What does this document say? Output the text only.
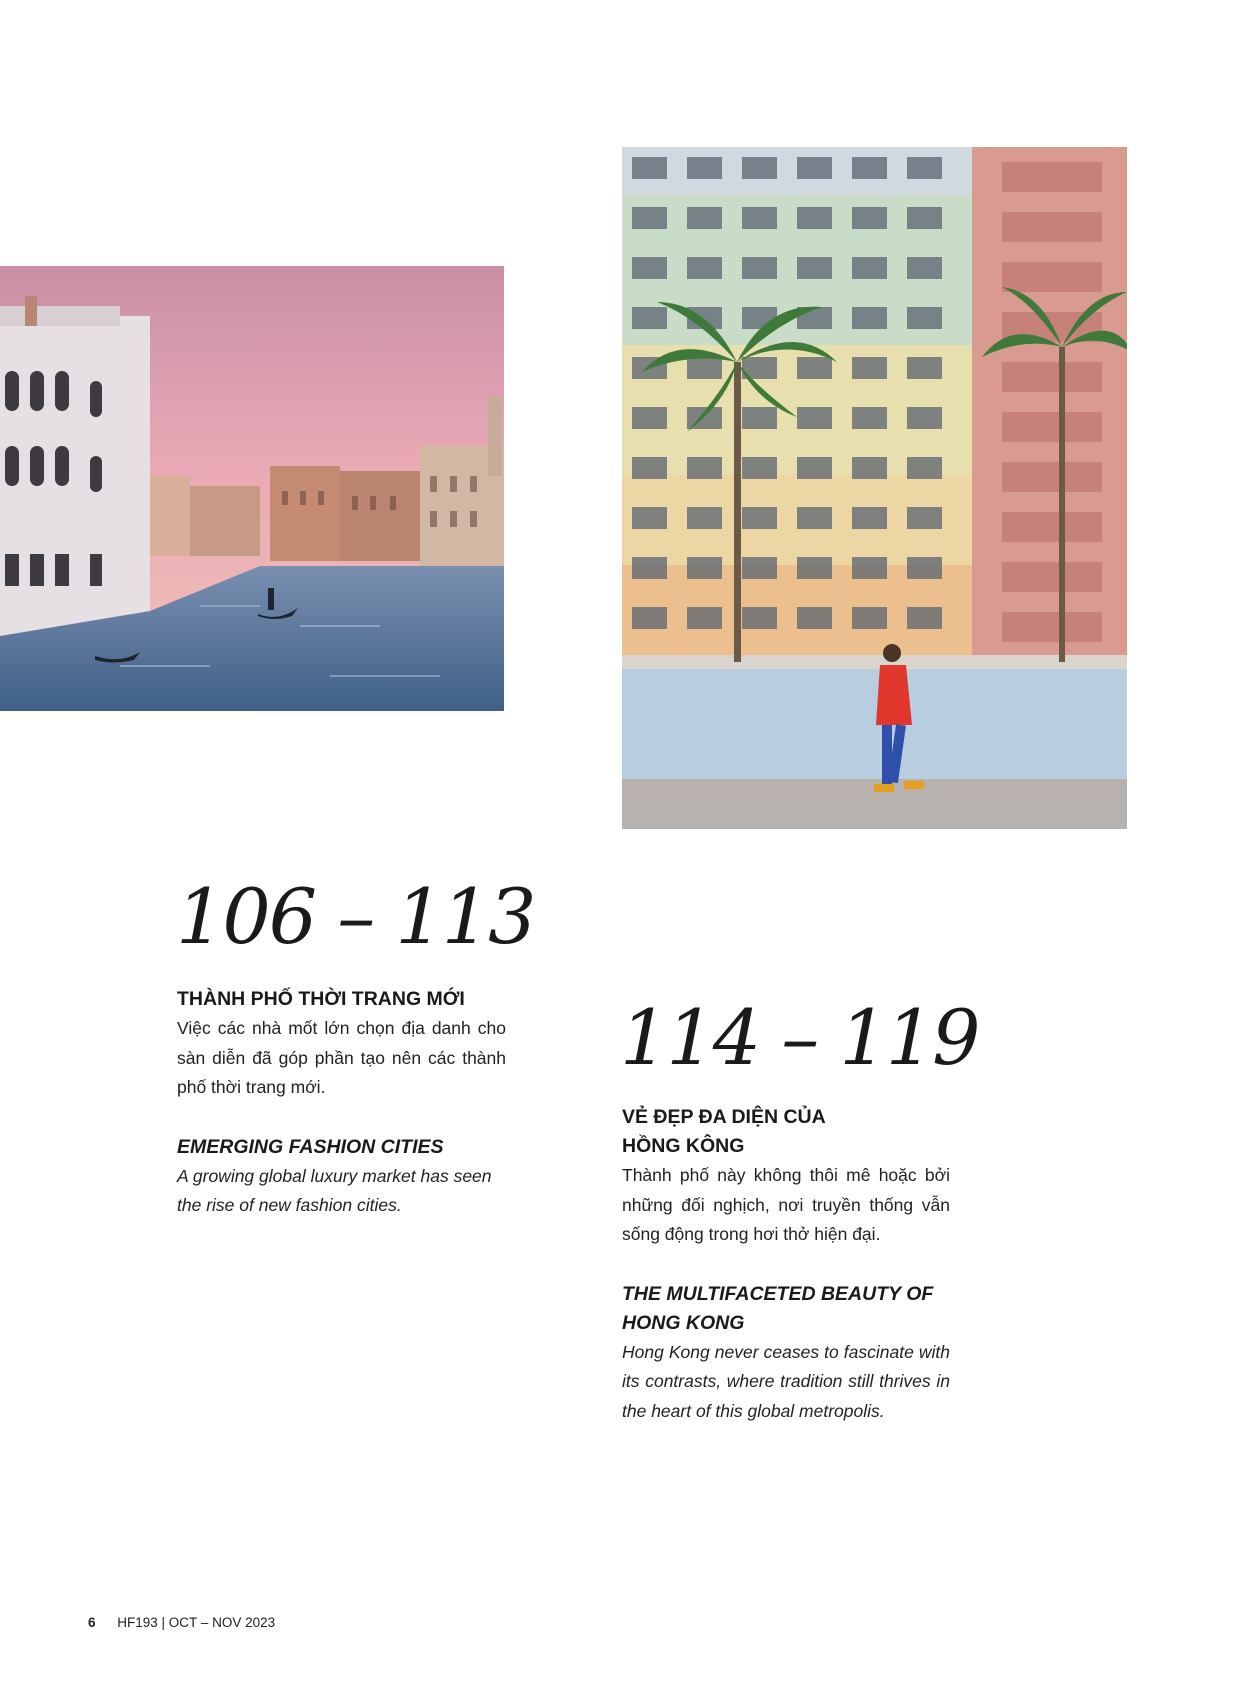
106 – 113

THÀNH PHỐ THỜI TRANG MỚI

Việc các nhà mốt lớn chọn địa danh cho sàn diễn đã góp phần tạo nên các thành phố thời trang mới.

EMERGING FASHION CITIES

A growing global luxury market has seen the rise of new fashion cities.

114 – 119

VẺ ĐẸP ĐA DIỆN CỦA
HỒNG KÔNG

Thành phố này không thôi mê hoặc bởi những đối nghịch, nơi truyền thống vẫn sống động trong hơi thở hiện đại.

THE MULTIFACETED BEAUTY OF
HONG KONG

Hong Kong never ceases to fascinate with its contrasts, where tradition still thrives in the heart of this global metropolis.

6 HF193 | OCT – NOV 2023
